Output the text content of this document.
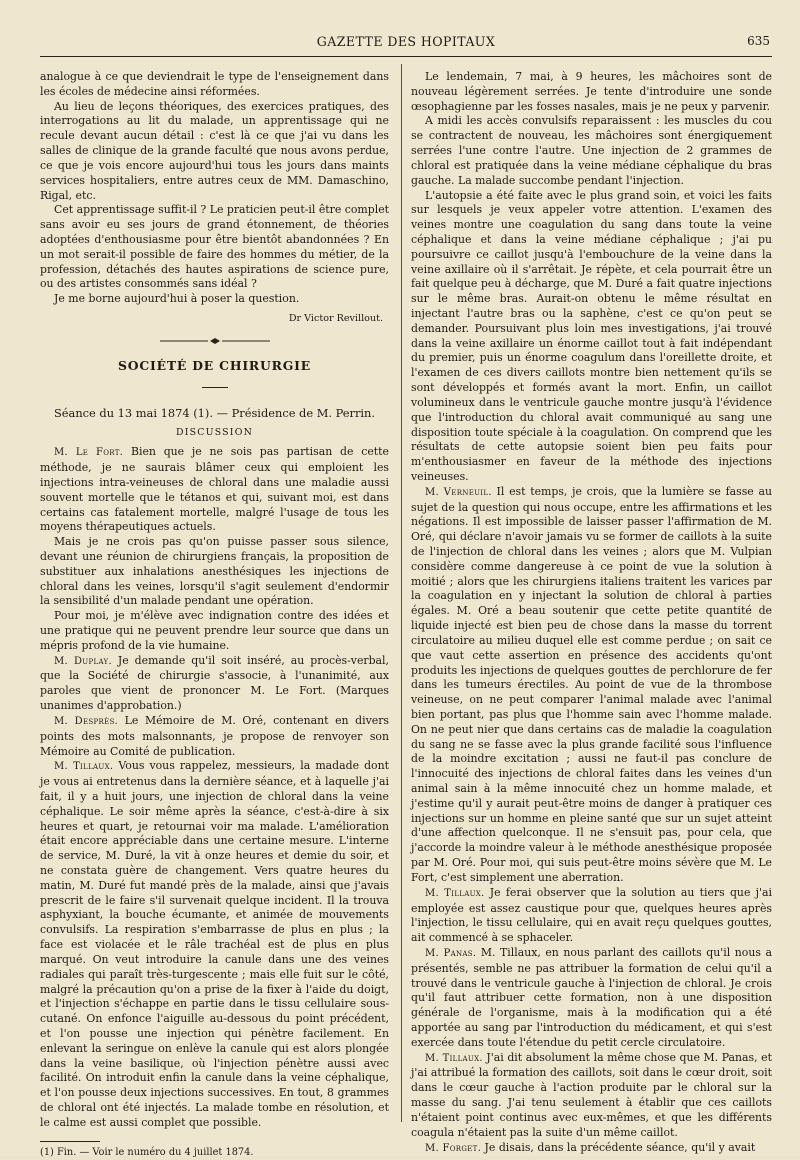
GAZETTE DES HOPITAUX	635

analogue à ce que deviendrait le type de l'enseignement dans les écoles de médecine ainsi réformées.

Au lieu de leçons théoriques, des exercices pratiques, des interrogations au lit du malade, un apprentissage qui ne recule devant aucun détail : c'est là ce que j'ai vu dans les salles de clinique de la grande faculté que nous avons perdue, ce que je vois encore aujourd'hui tous les jours dans maints services hospitaliers, entre autres ceux de MM. Damaschino, Rigal, etc.

Cet apprentissage suffit-il ? Le praticien peut-il être complet sans avoir eu ses jours de grand étonnement, de théories adoptées d'enthousiasme pour être bientôt abandonnées ? En un mot serait-il possible de faire des hommes du métier, de la profession, détachés des hautes aspirations de science pure, ou des artistes consommés sans idéal ?

Je me borne aujourd'hui à poser la question.

Dr Victor Revillout.

SOCIÉTÉ DE CHIRURGIE

Séance du 13 mai 1874 (1). — Présidence de M. Perrin.

DISCUSSION

M. Le Fort. Bien que je ne sois pas partisan de cette méthode, je ne saurais blâmer ceux qui emploient les injections intra-veineuses de chloral dans une maladie aussi souvent mortelle que le tétanos et qui, suivant moi, est dans certains cas fatalement mortelle, malgré l'usage de tous les moyens thérapeutiques actuels.

Mais je ne crois pas qu'on puisse passer sous silence, devant une réunion de chirurgiens français, la proposition de substituer aux inhalations anesthésiques les injections de chloral dans les veines, lorsqu'il s'agit seulement d'endormir la sensibilité d'un malade pendant une opération.

Pour moi, je m'élève avec indignation contre des idées et une pratique qui ne peuvent prendre leur source que dans un mépris profond de la vie humaine.

M. Duplay. Je demande qu'il soit inséré, au procès-verbal, que la Société de chirurgie s'associe, à l'unanimité, aux paroles que vient de prononcer M. Le Fort. (Marques unanimes d'approbation.)

M. Desprès. Le Mémoire de M. Oré, contenant en divers points des mots malsonnants, je propose de renvoyer son Mémoire au Comité de publication.

M. Tillaux. Vous vous rappelez, messieurs, la madade dont je vous ai entretenus dans la dernière séance, et à laquelle j'ai fait, il y a huit jours, une injection de chloral dans la veine céphalique. Le soir même après la séance, c'est-à-dire à six heures et quart, je retournai voir ma malade. L'amélioration était encore appréciable dans une certaine mesure. L'interne de service, M. Duré, la vit à onze heures et demie du soir, et ne constata guère de changement. Vers quatre heures du matin, M. Duré fut mandé près de la malade, ainsi que j'avais prescrit de le faire s'il survenait quelque incident. Il la trouva asphyxiant, la bouche écumante, et animée de mouvements convulsifs. La respiration s'embarrasse de plus en plus ; la face est violacée et le râle trachéal est de plus en plus marqué. On veut introduire la canule dans une des veines radiales qui paraît très-turgescente ; mais elle fuit sur le côté, malgré la précaution qu'on a prise de la fixer à l'aide du doigt, et l'injection s'échappe en partie dans le tissu cellulaire sous-cutané. On enfonce l'aiguille au-dessous du point précédent, et l'on pousse une injection qui pénètre facilement. En enlevant la seringue on enlève la canule qui est alors plongée dans la veine basilique, où l'injection pénètre aussi avec facilité. On introduit enfin la canule dans la veine céphalique, et l'on pousse deux injections successives. En tout, 8 grammes de chloral ont été injectés. La malade tombe en résolution, et le calme est aussi complet que possible.

(1) Fin. — Voir le numéro du 4 juillet 1874.

Le lendemain, 7 mai, à 9 heures, les mâchoires sont de nouveau légèrement serrées. Je tente d'introduire une sonde œsophagienne par les fosses nasales, mais je ne peux y parvenir.

A midi les accès convulsifs reparaissent : les muscles du cou se contractent de nouveau, les mâchoires sont énergiquement serrées l'une contre l'autre. Une injection de 2 grammes de chloral est pratiquée dans la veine médiane céphalique du bras gauche. La malade succombe pendant l'injection.

L'autopsie a été faite avec le plus grand soin, et voici les faits sur lesquels je veux appeler votre attention. L'examen des veines montre une coagulation du sang dans toute la veine céphalique et dans la veine médiane céphalique ; j'ai pu poursuivre ce caillot jusqu'à l'embouchure de la veine dans la veine axillaire où il s'arrêtait. Je répète, et cela pourrait être un fait quelque peu à décharge, que M. Duré a fait quatre injections sur le même bras. Aurait-on obtenu le même résultat en injectant l'autre bras ou la saphène, c'est ce qu'on peut se demander. Poursuivant plus loin mes investigations, j'ai trouvé dans la veine axillaire un énorme caillot tout à fait indépendant du premier, puis un énorme coagulum dans l'oreillette droite, et l'examen de ces divers caillots montre bien nettement qu'ils se sont développés et formés avant la mort. Enfin, un caillot volumineux dans le ventricule gauche montre jusqu'à l'évidence que l'introduction du chloral avait communiqué au sang une disposition toute spéciale à la coagulation. On comprend que les résultats de cette autopsie soient bien peu faits pour m'enthousiasmer en faveur de la méthode des injections veineuses.

M. Verneuil. Il est temps, je crois, que la lumière se fasse au sujet de la question qui nous occupe, entre les affirmations et les négations. Il est impossible de laisser passer l'affirmation de M. Oré, qui déclare n'avoir jamais vu se former de caillots à la suite de l'injection de chloral dans les veines ; alors que M. Vulpian considère comme dangereuse à ce point de vue la solution à moitié ; alors que les chirurgiens italiens traitent les varices par la coagulation en y injectant la solution de chloral à parties égales. M. Oré a beau soutenir que cette petite quantité de liquide injecté est bien peu de chose dans la masse du torrent circulatoire au milieu duquel elle est comme perdue ; on sait ce que vaut cette assertion en présence des accidents qu'ont produits les injections de quelques gouttes de perchlorure de fer dans les tumeurs érectiles. Au point de vue de la thrombose veineuse, on ne peut comparer l'animal malade avec l'animal bien portant, pas plus que l'homme sain avec l'homme malade. On ne peut nier que dans certains cas de maladie la coagulation du sang ne se fasse avec la plus grande facilité sous l'influence de la moindre excitation ; aussi ne faut-il pas conclure de l'innocuité des injections de chloral faites dans les veines d'un animal sain à la même innocuité chez un homme malade, et j'estime qu'il y aurait peut-être moins de danger à pratiquer ces injections sur un homme en pleine santé que sur un sujet atteint d'une affection quelconque. Il ne s'ensuit pas, pour cela, que j'accorde la moindre valeur à le méthode anesthésique proposée par M. Oré. Pour moi, qui suis peut-être moins sévère que M. Le Fort, c'est simplement une aberration.

M. Tillaux. Je ferai observer que la solution au tiers que j'ai employée est assez caustique pour que, quelques heures après l'injection, le tissu cellulaire, qui en avait reçu quelques gouttes, ait commencé à se sphaceler.

M. Panas. M. Tillaux, en nous parlant des caillots qu'il nous a présentés, semble ne pas attribuer la formation de celui qu'il a trouvé dans le ventricule gauche à l'injection de chloral. Je crois qu'il faut attribuer cette formation, non à une disposition générale de l'organisme, mais à la modification qui a été apportée au sang par l'introduction du médicament, et qui s'est exercée dans toute l'étendue du petit cercle circulatoire.

M. Tillaux. J'ai dit absolument la même chose que M. Panas, et j'ai attribué la formation des caillots, soit dans le cœur droit, soit dans le cœur gauche à l'action produite par le chloral sur la masse du sang. J'ai tenu seulement à établir que ces caillots n'étaient point continus avec eux-mêmes, et que les différents coagula n'étaient pas la suite d'un même caillot.

M. Forget. Je disais, dans la précédente séance, qu'il y avait
